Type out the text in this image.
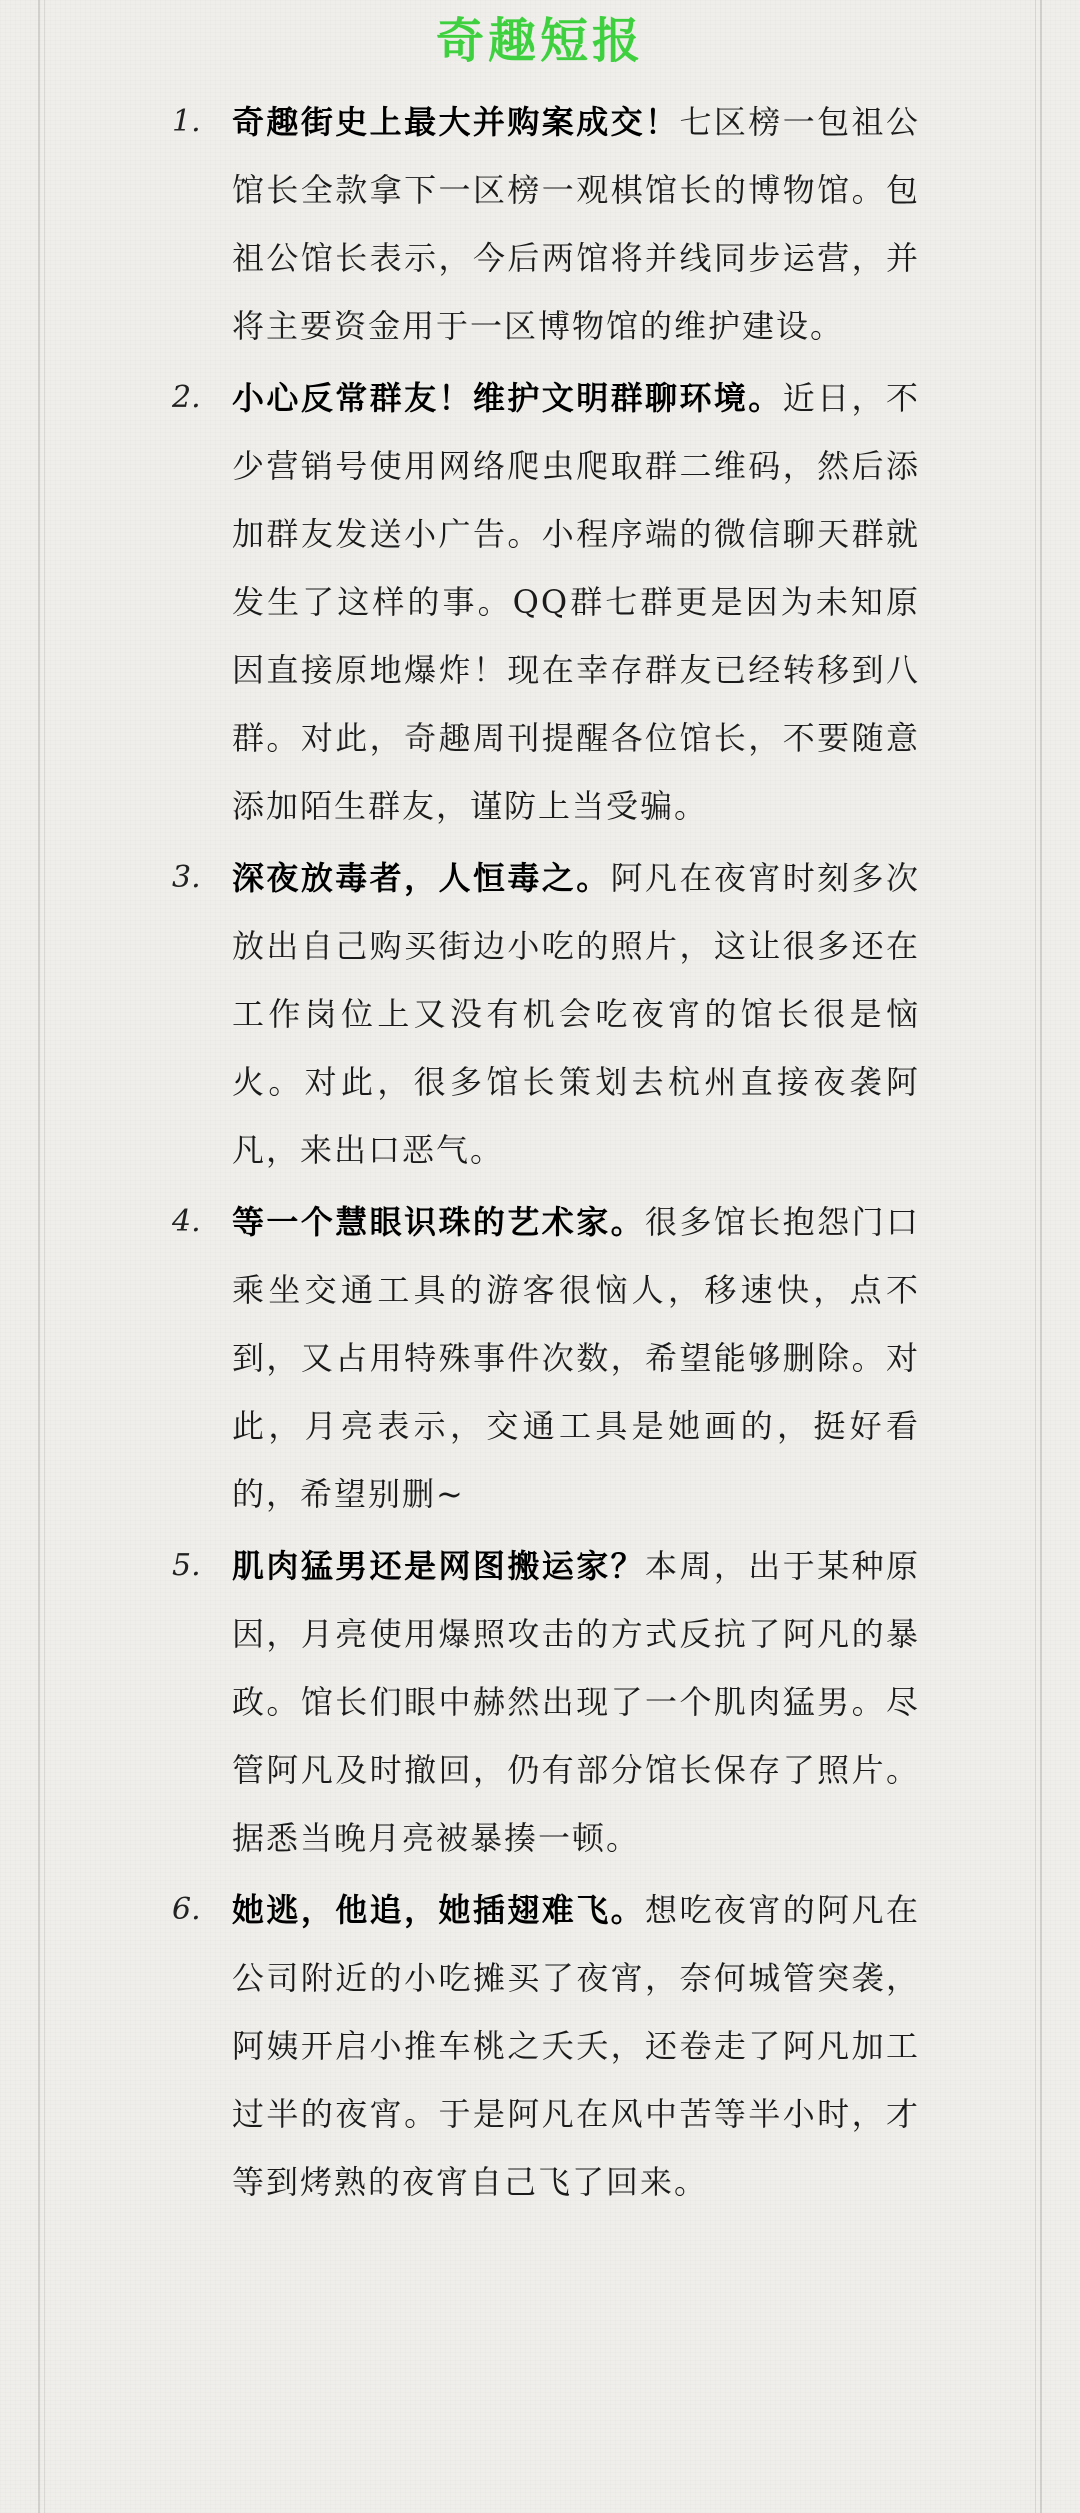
奇趣短报
1. 奇趣街史上最大并购案成交！七区榜一包祖公馆长全款拿下一区榜一观棋馆长的博物馆。包祖公馆长表示，今后两馆将并线同步运营，并将主要资金用于一区博物馆的维护建设。
2. 小心反常群友！维护文明群聊环境。近日，不少营销号使用网络爬虫爬取群二维码，然后添加群友发送小广告。小程序端的微信聊天群就发生了这样的事。QQ群七群更是因为未知原因直接原地爆炸！现在幸存群友已经转移到八群。对此，奇趣周刊提醒各位馆长，不要随意添加陌生群友，谨防上当受骗。
3. 深夜放毒者，人恒毒之。阿凡在夜宵时刻多次放出自己购买街边小吃的照片，这让很多还在工作岗位上又没有机会吃夜宵的馆长很是恼火。对此，很多馆长策划去杭州直接夜袭阿凡，来出口恶气。
4. 等一个慧眼识珠的艺术家。很多馆长抱怨门口乘坐交通工具的游客很恼人，移速快，点不到，又占用特殊事件次数，希望能够删除。对此，月亮表示，交通工具是她画的，挺好看的，希望别删~
5. 肌肉猛男还是网图搬运家？本周，出于某种原因，月亮使用爆照攻击的方式反抗了阿凡的暴政。馆长们眼中赫然出现了一个肌肉猛男。尽管阿凡及时撤回，仍有部分馆长保存了照片。据悉当晚月亮被暴揍一顿。
6. 她逃，他追，她插翅难飞。想吃夜宵的阿凡在公司附近的小吃摊买了夜宵，奈何城管突袭，阿姨开启小推车桃之夭夭，还卷走了阿凡加工过半的夜宵。于是阿凡在风中苦等半小时，才等到烤熟的夜宵自己飞了回来。
